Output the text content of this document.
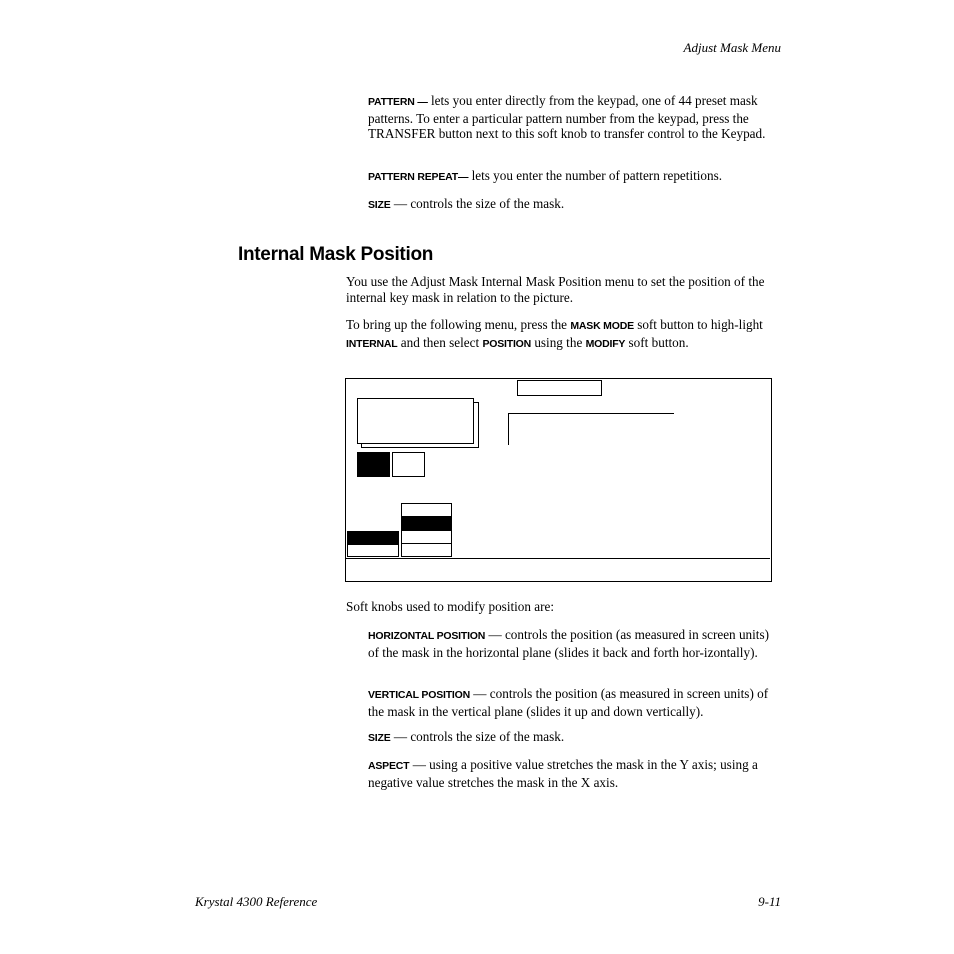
Adjust Mask Menu

PATTERN — lets you enter directly from the keypad, one of 44 preset mask patterns. To enter a particular pattern number from the keypad, press the TRANSFER button next to this soft knob to transfer control to the Keypad.

PATTERN REPEAT— lets you enter the number of pattern repetitions.

SIZE — controls the size of the mask.

Internal Mask Position

You use the Adjust Mask Internal Mask Position menu to set the position of the internal key mask in relation to the picture.

To bring up the following menu, press the MASK MODE soft button to high-light INTERNAL and then select POSITION using the MODIFY soft button.

Soft knobs used to modify position are:

HORIZONTAL POSITION — controls the position (as measured in screen units) of the mask in the horizontal plane (slides it back and forth hor-izontally).

VERTICAL POSITION — controls the position (as measured in screen units) of the mask in the vertical plane (slides it up and down vertically).

SIZE — controls the size of the mask.

ASPECT — using a positive value stretches the mask in the Y axis; using a negative value stretches the mask in the X axis.

Krystal 4300 Reference	9-11
